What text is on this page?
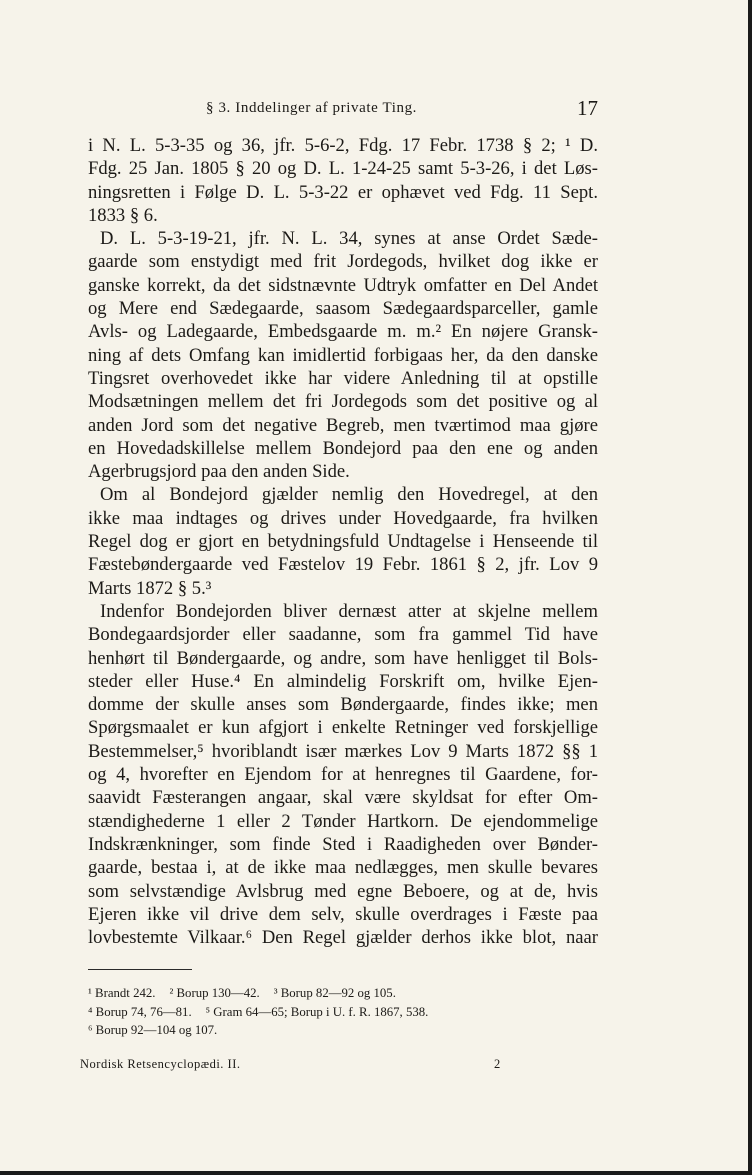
§ 3. Inddelinger af private Ting.	17
i N. L. 5-3-35 og 36, jfr. 5-6-2, Fdg. 17 Febr. 1738 § 2; ¹ D.
Fdg. 25 Jan. 1805 § 20 og D. L. 1-24-25 samt 5-3-26, i det Løs-
ningsretten i Følge D. L. 5-3-22 er ophævet ved Fdg. 11 Sept.
1833 § 6.
D. L. 5-3-19-21, jfr. N. L. 34, synes at anse Ordet Sæde-
gaarde som enstydigt med frit Jordegods, hvilket dog ikke er
ganske korrekt, da det sidstnævnte Udtryk omfatter en Del Andet
og Mere end Sædegaarde, saasom Sædegaardsparceller, gamle
Avls- og Ladegaarde, Embedsgaarde m. m.² En nøjere Gransk-
ning af dets Omfang kan imidlertid forbigaas her, da den danske
Tingsret overhovedet ikke har videre Anledning til at opstille
Modsætningen mellem det fri Jordegods som det positive og al
anden Jord som det negative Begreb, men tværtimod maa gjøre
en Hovedadskillelse mellem Bondejord paa den ene og anden
Agerbrugsjord paa den anden Side.
Om al Bondejord gjælder nemlig den Hovedregel, at den
ikke maa indtages og drives under Hovedgaarde, fra hvilken
Regel dog er gjort en betydningsfuld Undtagelse i Henseende til
Fæstebøndergaarde ved Fæstelov 19 Febr. 1861 § 2, jfr. Lov 9
Marts 1872 § 5.³
Indenfor Bondejorden bliver dernæst atter at skjelne mellem
Bondegaardsjorder eller saadanne, som fra gammel Tid have
henhørt til Bøndergaarde, og andre, som have henligget til Bols-
steder eller Huse.⁴ En almindelig Forskrift om, hvilke Ejen-
domme der skulle anses som Bøndergaarde, findes ikke; men
Spørgsmaalet er kun afgjort i enkelte Retninger ved forskjellige
Bestemmelser,⁵ hvoriblandt især mærkes Lov 9 Marts 1872 §§ 1
og 4, hvorefter en Ejendom for at henregnes til Gaardene, for-
saavidt Fæsterangen angaar, skal være skyldsat for efter Om-
stændighederne 1 eller 2 Tønder Hartkorn. De ejendommelige
Indskrænkninger, som finde Sted i Raadigheden over Bønder-
gaarde, bestaa i, at de ikke maa nedlægges, men skulle bevares
som selvstændige Avlsbrug med egne Beboere, og at de, hvis
Ejeren ikke vil drive dem selv, skulle overdrages i Fæste paa
lovbestemte Vilkaar.⁶ Den Regel gjælder derhos ikke blot, naar
¹ Brandt 242. ² Borup 130—42. ³ Borup 82—92 og 105.
⁴ Borup 74, 76—81. ⁵ Gram 64—65; Borup i U. f. R. 1867, 538.
⁶ Borup 92—104 og 107.
Nordisk Retsencyclopædi. II.	2
